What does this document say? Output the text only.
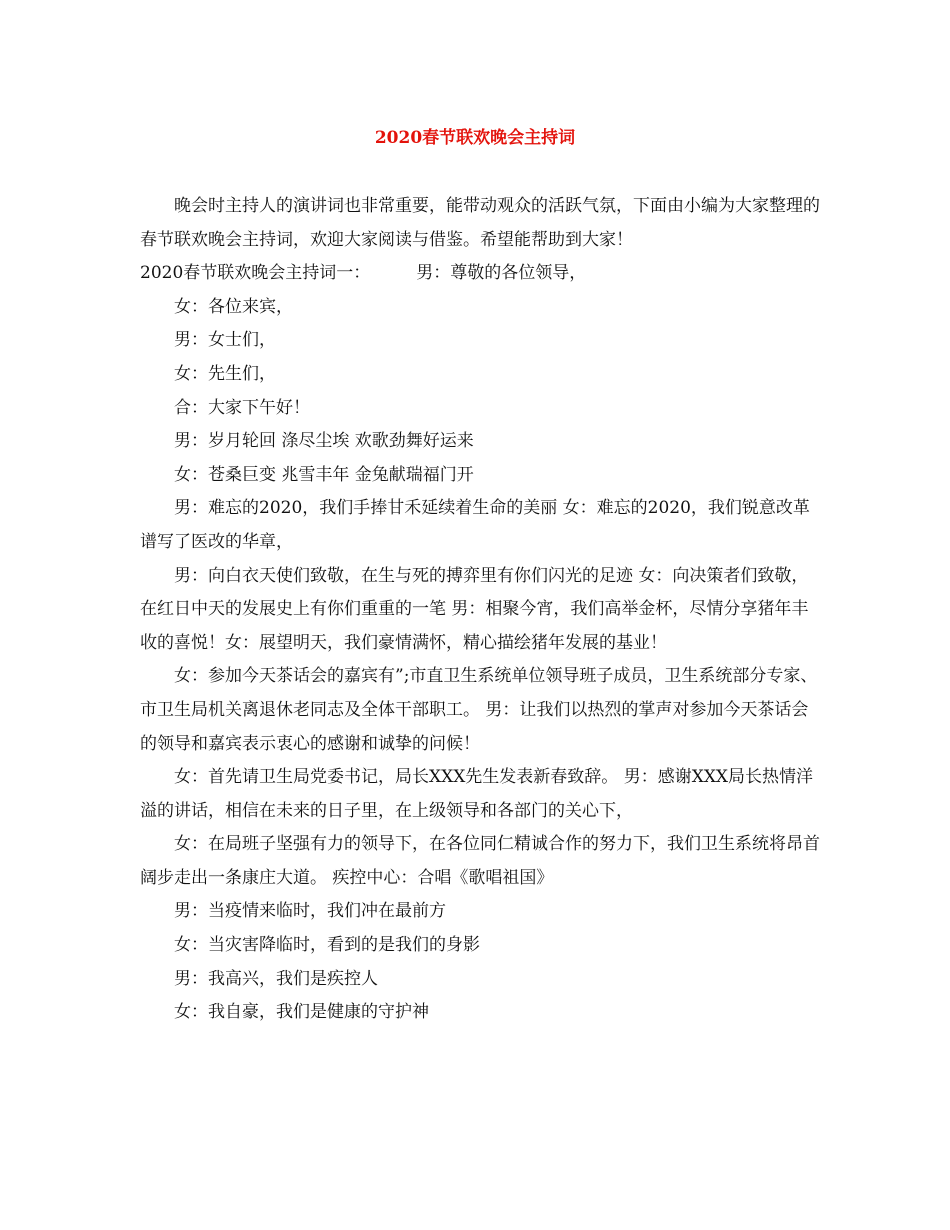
2020春节联欢晚会主持词

晚会时主持人的演讲词也非常重要，能带动观众的活跃气氛，下面由小编为大家整理的春节联欢晚会主持词，欢迎大家阅读与借鉴。希望能帮助到大家！

2020春节联欢晚会主持词一：	男：尊敬的各位领导，

女：各位来宾，

男：女士们，

女：先生们，

合：大家下午好！

男：岁月轮回 涤尽尘埃 欢歌劲舞好运来

女：苍桑巨变 兆雪丰年 金兔献瑞福门开

男：难忘的2020，我们手捧甘禾延续着生命的美丽 女：难忘的2020，我们锐意改革谱写了医改的华章，

男：向白衣天使们致敬，在生与死的搏弈里有你们闪光的足迹 女：向决策者们致敬，在红日中天的发展史上有你们重重的一笔 男：相聚今宵，我们高举金杯，尽情分享猪年丰收的喜悦！女：展望明天，我们豪情满怀，精心描绘猪年发展的基业！

女：参加今天茶话会的嘉宾有”;市直卫生系统单位领导班子成员，卫生系统部分专家、 市卫生局机关离退休老同志及全体干部职工。 男：让我们以热烈的掌声对参加今天茶话会的领导和嘉宾表示衷心的感谢和诚挚的问候！

女：首先请卫生局党委书记，局长XXX先生发表新春致辞。 男：感谢XXX局长热情洋溢的讲话，相信在未来的日子里，在上级领导和各部门的关心下，

女：在局班子坚强有力的领导下，在各位同仁精诚合作的努力下，我们卫生系统将昂首阔步走出一条康庄大道。 疾控中心：合唱《歌唱祖国》

男：当疫情来临时，我们冲在最前方

女：当灾害降临时，看到的是我们的身影

男：我高兴，我们是疾控人

女：我自豪，我们是健康的守护神
